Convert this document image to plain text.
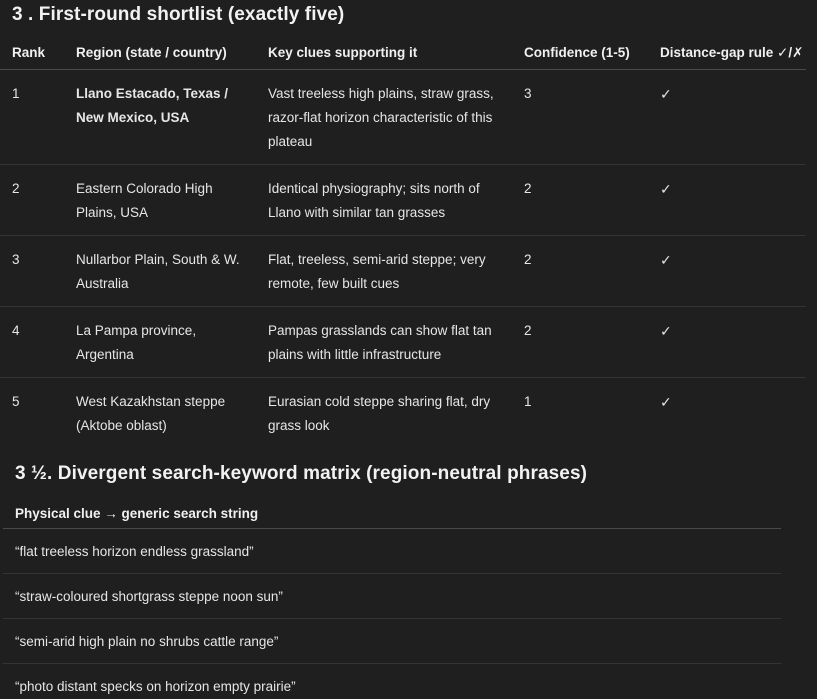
3 . First-round shortlist (exactly five)
Rank	Region (state / country)	Key clues supporting it	Confidence (1-5)	Distance-gap rule ✓/✗
1	Llano Estacado, Texas / New Mexico, USA	Vast treeless high plains, straw grass, razor-flat horizon characteristic of this plateau	3	✓
2	Eastern Colorado High Plains, USA	Identical physiography; sits north of Llano with similar tan grasses	2	✓
3	Nullarbor Plain, South & W. Australia	Flat, treeless, semi-arid steppe; very remote, few built cues	2	✓
4	La Pampa province, Argentina	Pampas grasslands can show flat tan plains with little infrastructure	2	✓
5	West Kazakhstan steppe (Aktobe oblast)	Eurasian cold steppe sharing flat, dry grass look	1	✓
3 ½. Divergent search-keyword matrix (region-neutral phrases)
Physical clue → generic search string
“flat treeless horizon endless grassland”
“straw-coloured shortgrass steppe noon sun”
“semi-arid high plain no shrubs cattle range”
“photo distant specks on horizon empty prairie”
